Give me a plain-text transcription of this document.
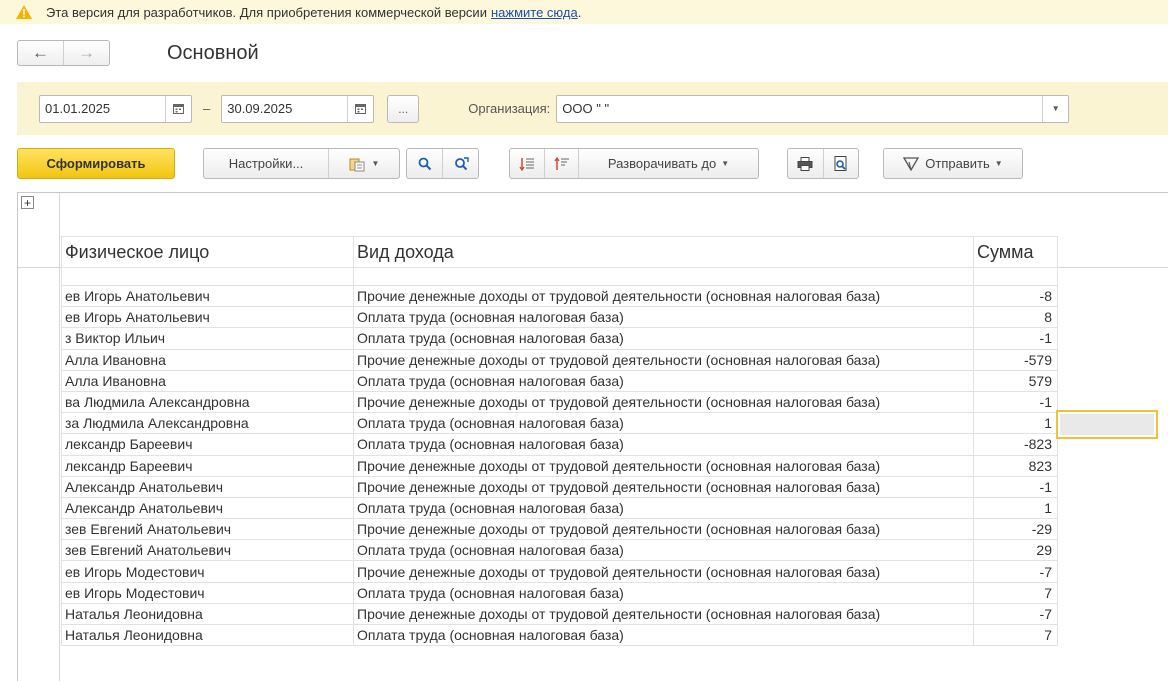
Эта версия для разработчиков. Для приобретения коммерческой версии нажмите сюда .
← →	Основной
01.01.2025	–	30.09.2025	...	Организация: ООО " "	▼
Сформировать	Настройки...	▼	Разворачивать до ▼	Отправить ▼
+
Физическое лицо	Вид дохода	Сумма

ев Игорь Анатольевич	Прочие денежные доходы от трудовой деятельности (основная налоговая база)	-8
ев Игорь Анатольевич	Оплата труда (основная налоговая база)	8
з Виктор Ильич	Оплата труда (основная налоговая база)	-1
Алла Ивановна	Прочие денежные доходы от трудовой деятельности (основная налоговая база)	-579
Алла Ивановна	Оплата труда (основная налоговая база)	579
ва Людмила Александровна	Прочие денежные доходы от трудовой деятельности (основная налоговая база)	-1
за Людмила Александровна	Оплата труда (основная налоговая база)	1
лександр Бареевич	Оплата труда (основная налоговая база)	-823
лександр Бареевич	Прочие денежные доходы от трудовой деятельности (основная налоговая база)	823
Александр Анатольевич	Прочие денежные доходы от трудовой деятельности (основная налоговая база)	-1
Александр Анатольевич	Оплата труда (основная налоговая база)	1
зев Евгений Анатольевич	Прочие денежные доходы от трудовой деятельности (основная налоговая база)	-29
зев Евгений Анатольевич	Оплата труда (основная налоговая база)	29
ев Игорь Модестович	Прочие денежные доходы от трудовой деятельности (основная налоговая база)	-7
ев Игорь Модестович	Оплата труда (основная налоговая база)	7
Наталья Леонидовна	Прочие денежные доходы от трудовой деятельности (основная налоговая база)	-7
Наталья Леонидовна	Оплата труда (основная налоговая база)	7
